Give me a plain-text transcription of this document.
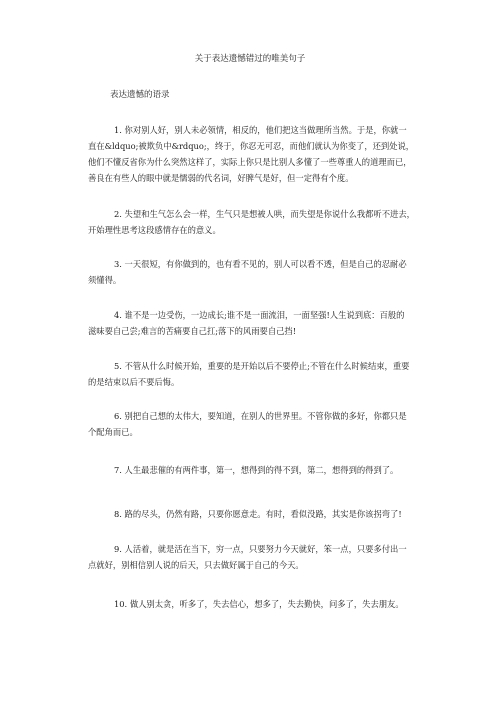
关于表达遗憾错过的唯美句子
表达遗憾的语录

1. 你对别人好，别人未必领情，相反的，他们把这当做理所当然。于是，你就一
直在&ldquo;被欺负中&rdquo;，终于，你忍无可忍，而他们就认为你变了，还到处说，
他们不懂反省你为什么突然这样了，实际上你只是比别人多懂了一些尊重人的道理而已，
善良在有些人的眼中就是懦弱的代名词，好脾气是好，但一定得有个度。

2. 失望和生气怎么会一样，生气只是想被人哄，而失望是你说什么我都听不进去，
开始理性思考这段感情存在的意义。

3. 一天很短，有你做到的，也有看不见的，别人可以看不透，但是自己的忍耐必
须懂得。

4. 谁不是一边受伤，一边成长;谁不是一面流泪，一面坚强!人生说到底：百般的
滋味要自己尝;难言的苦痛要自己扛;落下的风雨要自己挡!

5. 不管从什么时候开始，重要的是开始以后不要停止;不管在什么时候结束，重要
的是结束以后不要后悔。

6. 别把自己想的太伟大，要知道，在别人的世界里。不管你做的多好，你都只是
个配角而已。

7. 人生最悲催的有两件事，第一，想得到的得不到，第二，想得到的得到了。

8. 路的尽头，仍然有路，只要你愿意走。有时，看似没路，其实是你该拐弯了!

9. 人活着，就是活在当下，穷一点，只要努力今天就好，笨一点，只要多付出一
点就好，别相信别人说的后天，只去做好属于自己的今天。

10. 做人别太贪，听多了，失去信心，想多了，失去勤快，问多了，失去朋友。
